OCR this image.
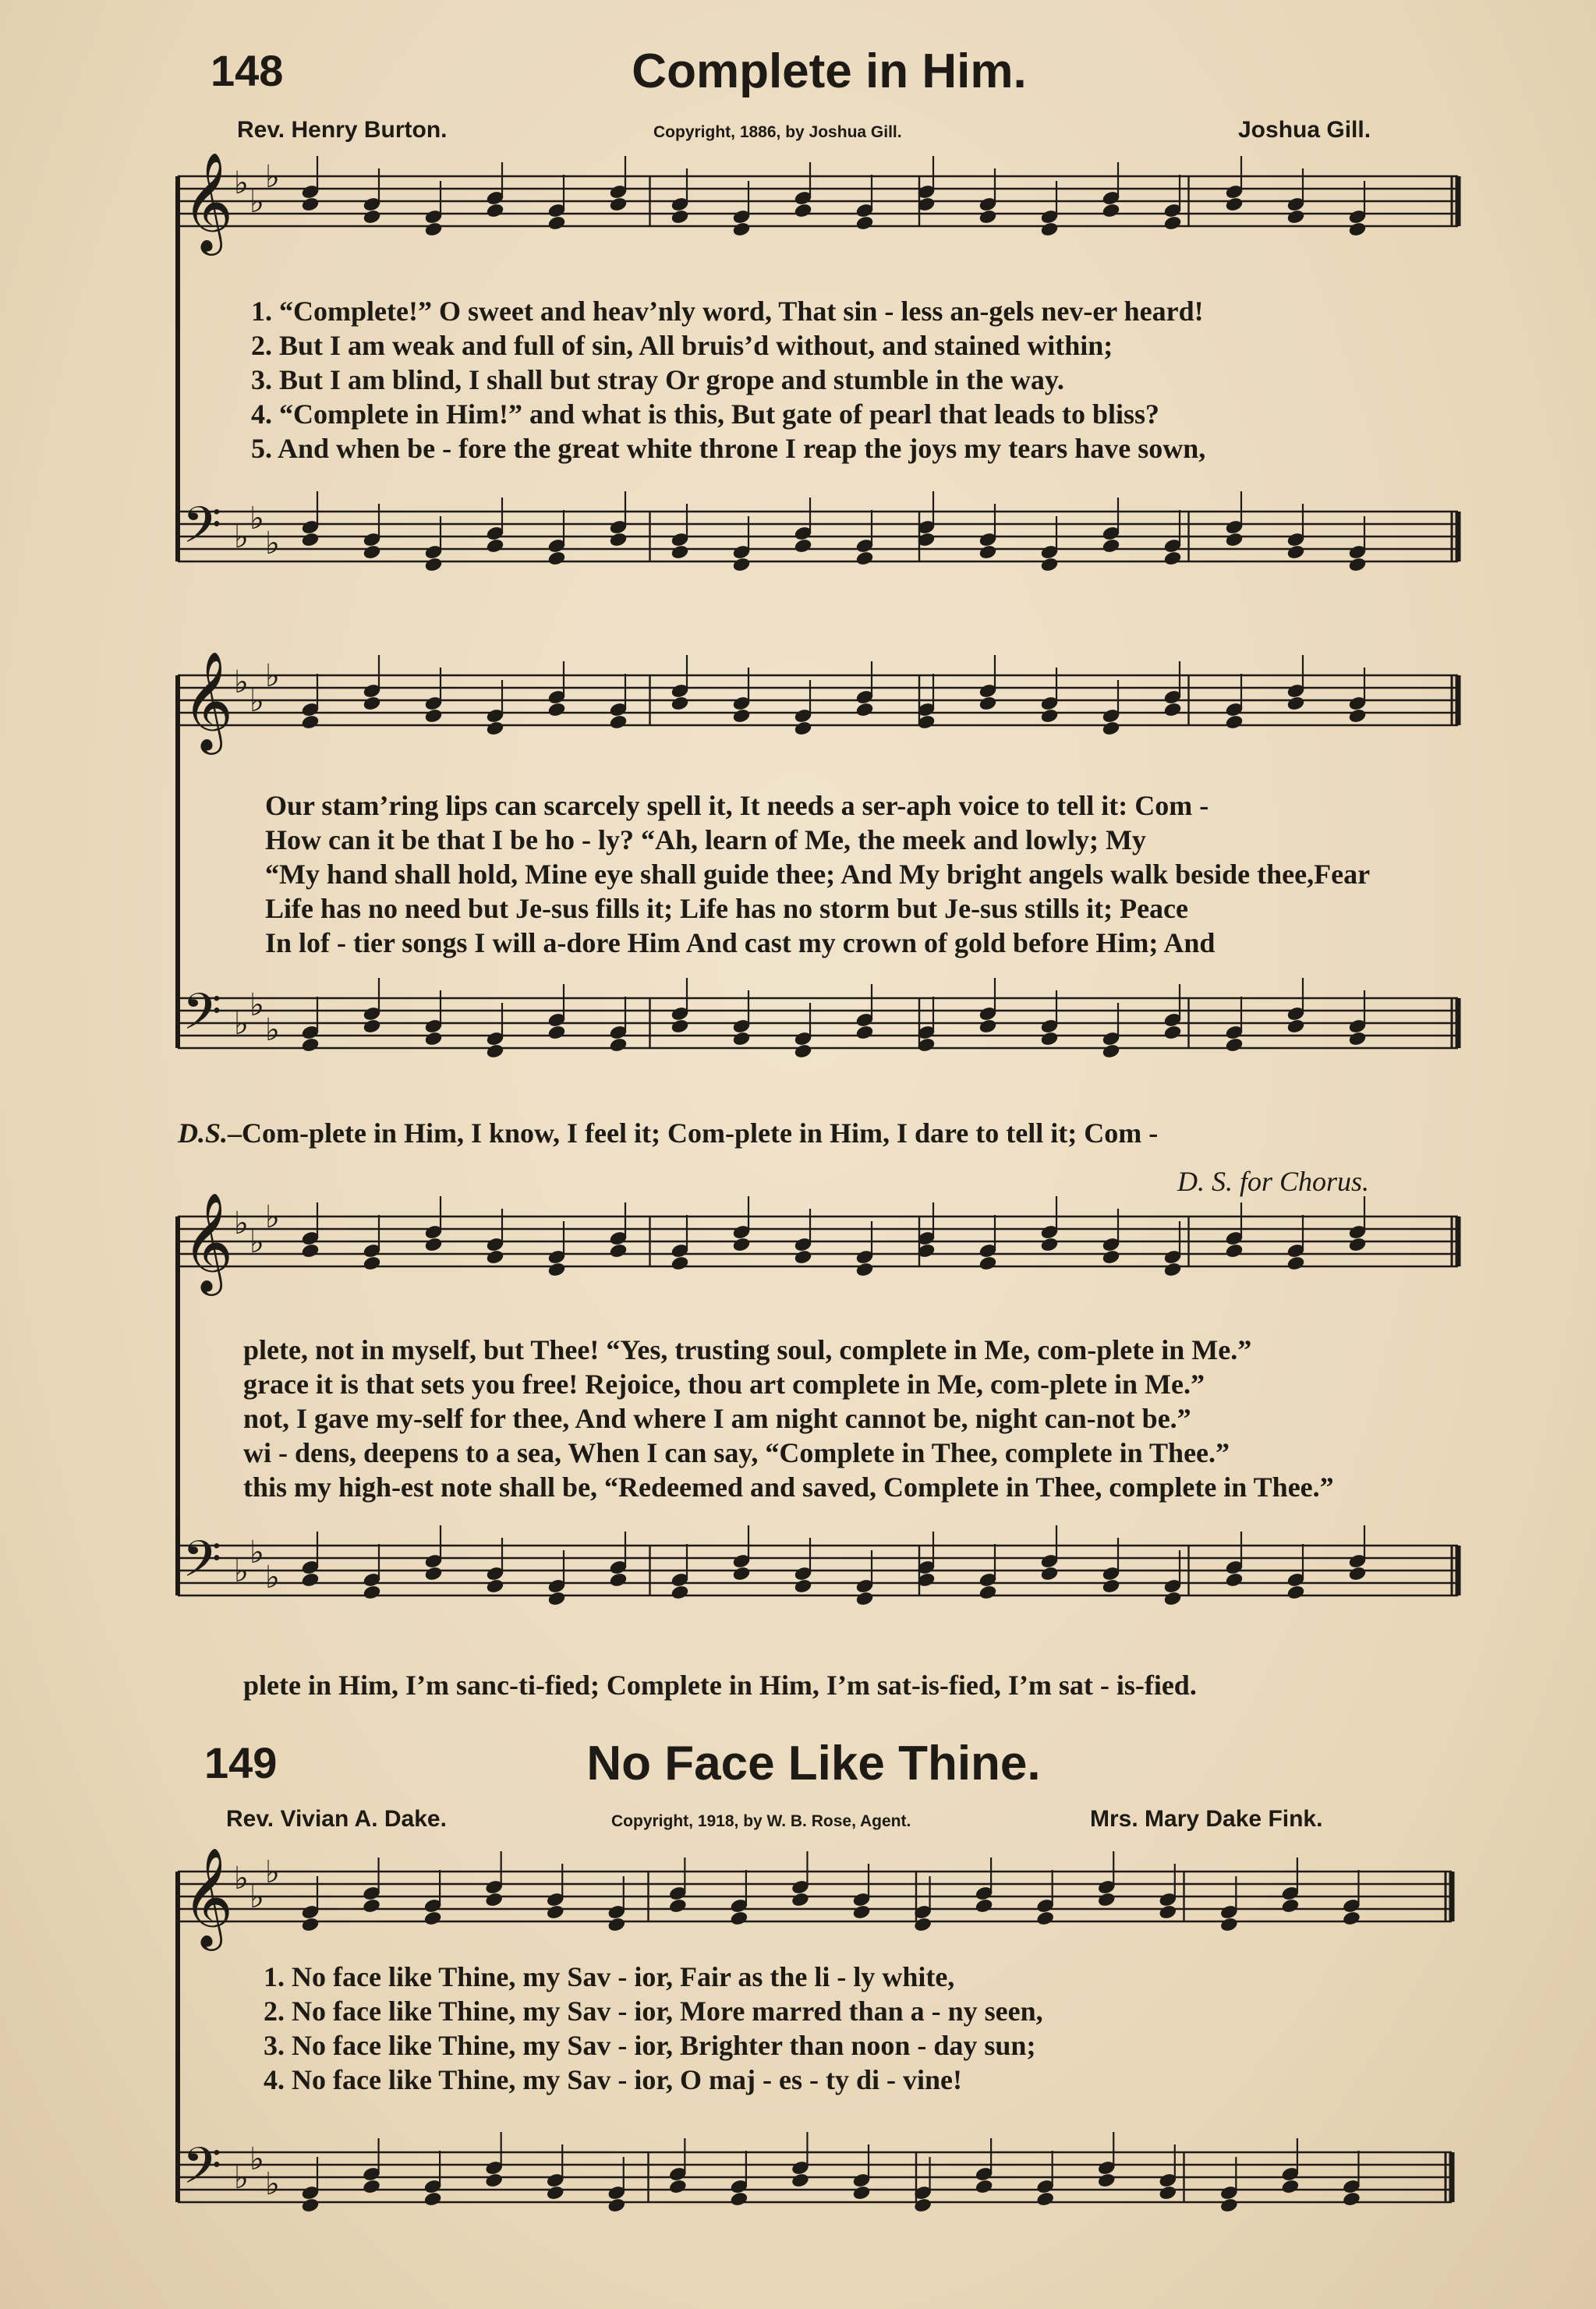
𝄞 ♭
♭
♭
𝄢 ♭
♭
♭
𝄞 ♭
♭
♭
𝄢 ♭
♭
♭
𝄞 ♭
♭
♭
𝄢 ♭
♭
♭
𝄞 ♭
♭
♭
𝄢 ♭
♭
♭
148	Complete in Him.
Rev. Henry Burton.	Copyright, 1886, by Joshua Gill.	Joshua Gill.
1. “Complete!” O sweet and heav’nly word, That sin - less an-gels nev-er heard!
2. But I am weak and full of sin, All bruis’d without, and stained within;
3. But I am blind, I shall but stray Or grope and stumble in the way.
4. “Complete in Him!” and what is this, But gate of pearl that leads to bliss?
5. And when be - fore the great white throne I reap the joys my tears have sown,
Our stam’ring lips can scarcely spell it, It needs a ser-aph voice to tell it: Com -
How can it be that I be ho - ly? “Ah, learn of Me, the meek and lowly; My
“My hand shall hold, Mine eye shall guide thee; And My bright angels walk beside thee,Fear
Life has no need but Je-sus fills it; Life has no storm but Je-sus stills it; Peace
In lof - tier songs I will a-dore Him And cast my crown of gold before Him; And
D.S.–Com-plete in Him, I know, I feel it; Com-plete in Him, I dare to tell it; Com -
D. S. for Chorus.
plete, not in myself, but Thee! “Yes, trusting soul, complete in Me, com-plete in Me.”
grace it is that sets you free! Rejoice, thou art complete in Me, com-plete in Me.”
not, I gave my-self for thee, And where I am night cannot be, night can-not be.”
wi - dens, deepens to a sea, When I can say, “Complete in Thee, complete in Thee.”
this my high-est note shall be, “Redeemed and saved, Complete in Thee, complete in Thee.”
plete in Him, I’m sanc-ti-fied; Complete in Him, I’m sat-is-fied, I’m sat - is-fied.
149	No Face Like Thine.
Rev. Vivian A. Dake.	Copyright, 1918, by W. B. Rose, Agent.	Mrs. Mary Dake Fink.
1. No face like Thine, my Sav - ior, Fair as the li - ly white,
2. No face like Thine, my Sav - ior, More marred than a - ny seen,
3. No face like Thine, my Sav - ior, Brighter than noon - day sun;
4. No face like Thine, my Sav - ior, O maj - es - ty di - vine!
